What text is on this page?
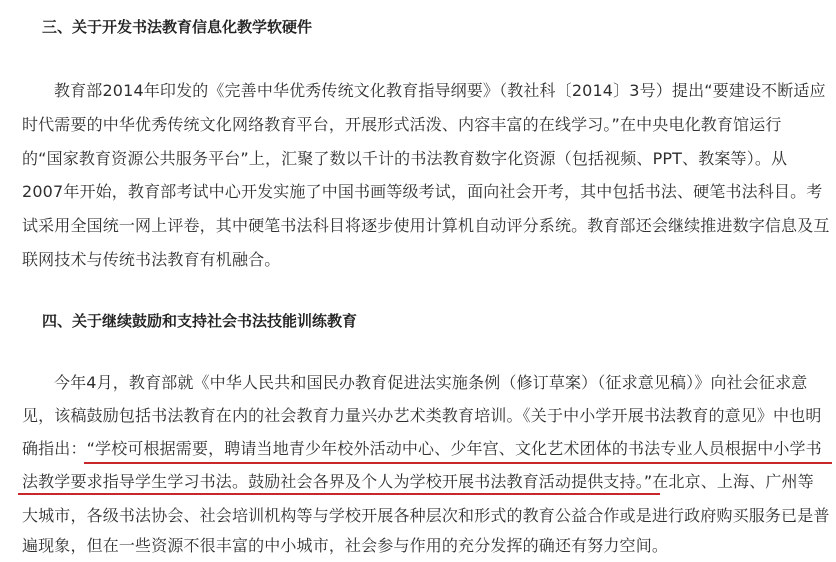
三、关于开发书法教育信息化教学软硬件
教育部2014年印发的《完善中华优秀传统文化教育指导纲要》（教社科〔2014〕3号）提出“要建设不断适应
时代需要的中华优秀传统文化网络教育平台，开展形式活泼、内容丰富的在线学习。”在中央电化教育馆运行
的“国家教育资源公共服务平台”上，汇聚了数以千计的书法教育数字化资源（包括视频、PPT、教案等）。从
2007年开始，教育部考试中心开发实施了中国书画等级考试，面向社会开考，其中包括书法、硬笔书法科目。考
试采用全国统一网上评卷，其中硬笔书法科目将逐步使用计算机自动评分系统。教育部还会继续推进数字信息及互
联网技术与传统书法教育有机融合。
四、关于继续鼓励和支持社会书法技能训练教育
今年4月，教育部就《中华人民共和国民办教育促进法实施条例（修订草案）（征求意见稿）》向社会征求意
见，该稿鼓励包括书法教育在内的社会教育力量兴办艺术类教育培训。《关于中小学开展书法教育的意见》中也明
确指出：“学校可根据需要，聘请当地青少年校外活动中心、少年宫、文化艺术团体的书法专业人员根据中小学书
法教学要求指导学生学习书法。鼓励社会各界及个人为学校开展书法教育活动提供支持。”在北京、上海、广州等
大城市，各级书法协会、社会培训机构等与学校开展各种层次和形式的教育公益合作或是进行政府购买服务已是普
遍现象，但在一些资源不很丰富的中小城市，社会参与作用的充分发挥的确还有努力空间。
